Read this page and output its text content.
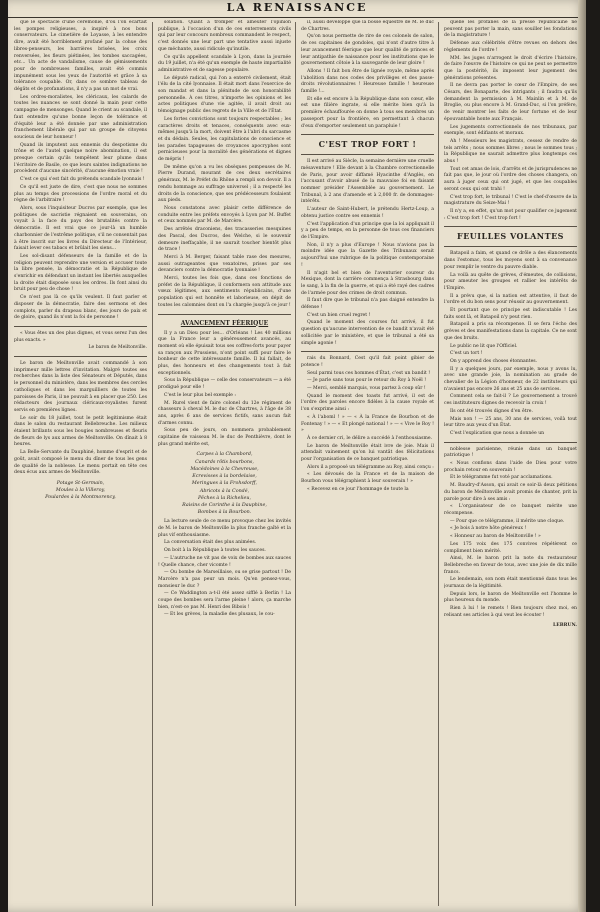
LA RENAISSANCE

que le spectacle d'une cérémonie, d'où l'on écartait les pompes religieuses, a inspiré à nos bons conservateurs. Le cimetière de Loyasse, à les entendre dire, avait été horriblement profané par la cohue des libres-penseurs, les barrières brisées, les croix renversées, les fleurs piétinées, les tombes saccagées, etc... Un acte de vandalisme, cause de gémissements pour de nombreuses familles, avait été commis impunément sous les yeux de l'autorité et grâce à sa tolérance coupable. Or, dans ce sombre tableau de dégâts et de profanations, il n'y a pas un mot de vrai.

Les ordres-moralistes, les cléricaux, les calards de toutes les nuances se sont donné la main pour cette campagne de mensonges. Quand le crient au scandale, il faut entendre qu'une bonne leçon de tolérance et d'équité leur a été donnée par une administration franchement libérale qui par un groupe de citoyens soucieux de leur honneur !

Quand ils imputent aux ennemis du despotisme du trône et de l'autel quelque noire abomination, il est presque certain qu'ils tempêtent leur plume dans l'écritoire de Basile, ce que leurs saintes indignations ne procèdent d'aucune sincérité, d'aucune émotion vraie !

C'est ce qui s'est fait du prétendu scandale lyonnais !

Ce qu'il est juste de dire, c'est que nous ne sommes plus au temps des processions de l'ordre moral et du règne de l'arbitraire !

Alors, sous l'inquisiteur Ducros par exemple, que les politiques de sacristie régnaient en souverains, on voyait à la face du pays des brutalités contre la démocratie. Il est vrai que ce jour-là un humble charbonnier de l'extrême politique, s'il ne consentait pas à être inscrit sur les livres du Directeur de l'Intérieur, faisait lever ces tabacs et brûlait les siens...

Les sol-disant défenseurs de la famille et de la religion peuvent reprendre une version et accuser toute la libre pensée, la démocratie et la République de s'enrichir en défendant un instant les libertés auxquelles la droite était disposée sous les ordres. Ils font ainsi du bruit pour peu de chose !

Ce n'est pas là ce qu'ils veulent. Il faut parler et disposer de la démocratie, faire des sermons et des complots, parler du drapeau blanc, des jours de paix et de gloire, quand ils n'ont la foi de personne !

« Vous êtes un des plus dignes, et vous serez l'un des plus exacts. »

Le baron de Meiltonville.

Le baron de Meiltonville avait commandé à son imprimeur mille lettres d'invitation. Malgré toutes ses recherches dans la liste des Sénateurs et Députés, dans le personnel du ministère, dans les membres des cercles catholiques et dans les marguilliers de toutes les paroisses de Paris, il ne pouvait à en placer que 250. Les rédacteurs des journaux cléricaux-royalistes furent servis en premières lignes.

Le soir du 18 juillet, tout le petit legitimisme était dans le salon du restaurant Bellebreuche. Les milieux étaient brillants sous les bougies nombreuses et fleuris de fleurs de lys aux armes de Meiltonville. On dînait à 8 heures.

La Belle-Servante du Dauphiné, homme d'esprit et de goût, avait composé le menu du dîner de tous les gens de qualité de la noblesse. Le menu portait en tête ces deux écus aux armes de Meiltonville.

Potage St-Germain,
Moules à la Villeroy,
Poulardes à la Montmorency,

solation. Quant à tromper et ameuter l'opinion publique, à l'occasion d'un de ces enterrements civils qui par leur concours nombreux commandent le respect, c'est donnés une leur part une tentative aussi injuste que méchante, aussi ridicule qu'inutile.

Ce qu'ils appellent scandale à Lyon, dans la journée du 19 juillet, n'a été qu'un exemple de haute impartialité administrative et de sagesse populaire.

Le député radical, qui l'on a enterré civilement, était l'élu de la cité lyonnaise. Il était mort dans l'exercice de son mandat et dans la plénitude de son honorabilité personnelle. À ces titres, n'importe les opinions et les actes politiques d'une vie agitée, il avait droit au témoignage public des regrets de la Ville et de l'État.

Les fortes convictions sont toujours respectables ; les caractères droits et tenaces, conséquents avec eux-mêmes jusqu'à la mort, doivent être à l'abri du sarcasme et du dédain. Seules, les capitulations de conscience et les parades tapageuses de croyances apocryphes sont pernicieuses pour la moralité des générations et dignes de mépris !

De même qu'on a vu les obsèques pompeuses de M. Pierre Durand, mourant de ces deux secrétaires généraux, M. le Préfet du Rhône a rempli son devoir. Il a rendu hommage au suffrage universel ; il a respecté les droits de la conscience, que ses prédécesseurs foulaient aux pieds.

Nous constatons avec plaisir cette différence de conduite entre les préfets envoyés à Lyon par M. Buffet et ceux nommés par M. de Marcère.

Des arrêtés draconiens, des tracasseries mesquines des Pascal, des Ducros, des Welche, si le souvenir demeure ineffaçable, il ne saurait toucher bientôt plus de trace !

Merci à M. Berger, faisant table rase des mesures, aussi outrageantes que vexatoires, prises par ses devanciers contre la démocratie lyonnaise !

Merci, toutes les fois que, dans ces fonctions de préfet de la République, il conformera son attitude aux vœux légitimes, aux sentiments républicains, d'une population qui est honnête et laborieuse, en dépit de toutes les calomnies dont on l'a chargée jusqu'à ce jour !

AVANCEMENT FÉERIQUE

Il y a un Dieu pour les... d'Orléans ! Les 40 millions que la France leur a généreusement avancés, au moment où elle épuisait tous ses coffres-forts pour payer sa rançon aux Prussiens, n'ont point suffi pour faire le bonheur de cette intéressante famille. Il lui fallait, de plus, des honneurs et des changements tout à fait exceptionnels.

Sous la République — celle des conservateurs — a été prodigué pour elle !

C'est le leur plus bel exemple :

M. Rurel vient de faire colonel du 12e régiment de chasseurs à cheval M. le duc de Chartres, à l'âge de 38 ans, après 6 ans de services fictifs, sans aucun fait d'armes connu.

Sous peu de jours, on nommera probablement capitaine de vaisseau M. le duc de Penthièvre, dont le plus grand mérite est,

Carpes à la Chambord,
Canards rôtis bourbons,
Macédoines à la Chevreuse,
Ecrevisses à la bordelaise,
Meringues à la Frohsdorff,
Abricots à la Condé,
Pêches à la Richelieu,
Raisins de Corinthe à la Dauphine,
Bombes à la Bourbon.

La lecture seule de ce menu provoque chez les invités de M. le baron de Meiltonville la plus franche gaîté et la plus vif enthousiasme.

La conversation était des plus animées.

On boit à la République à toutes les sauces.

— L'autruche ne vit pas de voix de bombes aux sauces ! Quelle chance, cher vicomte !

— Ou bombe de Marseillaise, ou se grise partout ! De Marcère n'a pas peur un mois. Qu'en pensez-vous, monsieur le duc ?

— Ce Waddington a-t-il été assez sifflé à Berlin ! La coupe des bombes sera l'arme pleine ! alors, ça marche bien, n'est-ce pas M. Henri des Bibois !

— Et les grèves, la maladie des plusaux, le cou-

il, aussi développé que la bosse équestre de M. le duc de Chartres.

Qu'on nous permette de rire de ces colonels de salon, de ces capitaines de gondoles, qui n'ont d'autre titre à leur avancement féerique que leur qualité de princes et leur antipathie de naissance pour les institutions que le gouvernement côtoie à la sauvegarde de leur gloire !

Allons ! Il fait bon être de lignée royale, même après l'abolition dans nos codes des privilèges et des passe-droits révolutionnaires ! Heureuse famille ! heureuse famille !...

Et elle est encore à la République dans son cœur, elle est une filière ingrate, si elle mérite bien qu'à la première échauffourée on donne à tous ses membres un passeport pour la frontière, en permettant à chacun d'eux d'emporter seulement un parapluie !

C'EST TROP FORT !

Il est arrivé au Siècle, la semaine dernière une cruelle mésaventure ! Elle devant à la Chambre correctionnelle de Paris, pour avoir diffamé Hyacinthe d'Anglès, en l'accusant d'avoir abusé de la mauvaise foi en faisant nommer présider l'Assemblée au gouvernement. Le Tribunal, à 2 ans d'amende et à 2,000 fr. de dommages-intérêts.

L'auteur de Saint-Hubert, le prétendu Hertz-Loup, a obtenu justice contre ses ennemis !

C'est l'application d'un principe que la loi appliquait il y a peu de temps, en la personne de tous ces financiers de l'Empire.

Non, il n'y a plus d'Europe ! Nous n'avions pas la moindre idée que la Gazette des Tribunaux serait aujourd'hui une rubrique de la politique contemporaine !

Il n'agit bel et bien de l'aventurier coureur du Mexique, dont la carrière commença à Strasbourg dans le sang, à la fin de la guerre, et qui a été rayé des cadres de l'armée pour des crimes de droit commun.

Il faut dire que le tribunal n'a pas daigné entendre la défense !

C'est un bien cruel regret !

Quand le moment des courses fut arrivé, il fut question qu'aucune intervention de ce bandit n'avait été sollicitée par le ministère, et que le tribunal a été sa simple agonie !

rais du Bonnard, Cest qu'il fait point gibier de potence !

Seul parmi tous ces hommes d'État, c'est un bandit !

— Je parle sans tous pour le retour du Roy à Noël !

— Merci, semblé marquis, vous partez à coup sûr !

Quand le moment des toasts fut arrivé, il est de l'ordre des paroles encore fidèles à la cause royale et l'on s'exprime ainsi :

« À l'aboml ! » — « À la France de Bourbon et de Fontenay ! » — « Et plongé national ! » — « Vive le Roy ! »

À ce dernier cri, le délire a succédé à l'enthousiasme.

Le baron de Meiltonville était ivre de joie. Mais il attendait vainement qu'on lui vantât des félicitations pour l'organisation de ce banquet patriotique.

Alors il a proposé un télégramme au Roy, ainsi conçu :

« Les dévoués de la France et de la maison de Bourbon vous télégraphient à leur souverain ! »

« Recevez en ce jour l'hommage de toute la

quelle les profanes de la presse républicaine ne peuvent pas porter la main, sans souiller les fondations de la magistrature !

Défense aux célébrités d'être revues en dehors des règlements de l'ordre !

MM. les juges n'arrogent le droit d'écrire l'histoire, de faire l'œuvre de l'histoire ce qui ne peut se permettre que la postérité, ils imposent leur jugement des générations présentes.

Il ne devra pas porter le cœur de l'Empire, de ses Césars, des Bonaparte, des intrigants ; il faudra qu'ils demandent la permission à M. Mainlin et à M. de Broglie, ou plus encore à M. Grand-Duc, si l'on préfère, de venir montrer les faits de leur fortune et de leur épouvantable honte aux Français.

Les jugements correctionnels de nos tribunaux, par exemple, sont édifiants et moraux.

Ah ! Messieurs les magistrats, cessez de rendre de tels arrêts ; nous sommes libres ; nous le sommes tous ; la République ne saurait admettre plus longtemps ces abus !

Tout cet amas de lois, d'arrêts et de jurisprudences ne fait pas que, le jour où l'ordre des choses changera, on aura à juger ceux qui ont jugé, et que les coupables seront ceux qui ont trahi !

C'est trop fort, le tribunal ! C'est le chef-d'œuvre de la magistrature du Seize-Mai !

Il n'y a, en effet, qu'un mot pour qualifier ce jugement : C'est trop fort ! C'est trop fort !

FEUILLES VOLANTES

Batapoil a faim, et quand ce drôle a des élancements dans l'estomac, tous les moyens sont à sa convenance pour remplir le ventre du pauvre diable.

La voilà au quête de grèves, d'émeutes, de collisions, pour ameuter les groupes et rallier les intérêts de l'Empire.

Il a prévu que, si la nation est attentive, il faut de l'ordre et du bon sens pour réussir au gouvernement.

Et pourtant que ce principe est indiscutable ! Les faits sont là, et Batapoil n'y peut rien.

Batapoil a pris sa récompense. Il se fera l'écho des grèves et des manifestations dans la capitale. Ce ne sont que des bruits.

Le public ne lit que l'Officiel.

C'est un tort !

On y apprend des choses étonnantes.

Il y a quelques jours, par exemple, nous y avons lu, avec une grande joie, la nomination au grade de chevalier de la Légion d'honneur, de 22 instituteurs qui n'avaient pas encore 26 ans et 25 ans de services.

Comment cela se fait-il ? Le gouvernement a trouvé ces instituteurs dignes de recevoir la croix !

Ils ont été trouvés dignes d'en être.

Mais non ! — 25 ans, 30 ans de services, voilà tout leur titre aux yeux d'un État.

C'est l'explication que nous a donnée un

noblesse parisienne, réunie dans un banquet patriotique !

« Nous confions dans l'aide de Dieu pour votre prochain retour en souverain !

Et le télégramme fut voté par acclamations.

M. Baudry-d'Asson, qui avait ce soir-là deux pétitions du baron de Meiltonville avait promis de chanter, prit la parole pour dire à ses amis :

« L'organisateur de ce banquet mérite une récompense.

— Pour que ce télégramme, il mérite une cloque.

« Je bois à notre hôte généreux !

« Honneur au baron de Meiltonville ! »

Les 175 voix des 175 convives répétèrent ce compliment bien mérité.

Ainsi, M. le baron prit la note du restaurateur Bellebreche en faveur de tous, avec une joie de dix mille francs.

Le lendemain, son nom était mentionné dans tous les journaux de la légitimité.

Depuis lors, le baron de Meiltonville est l'homme le plus heureux du monde.

Rien à lui ! le remets ! Bien toujours chez moi, en relisant ses articles à qui veut les écouter !

LEBRUN.
